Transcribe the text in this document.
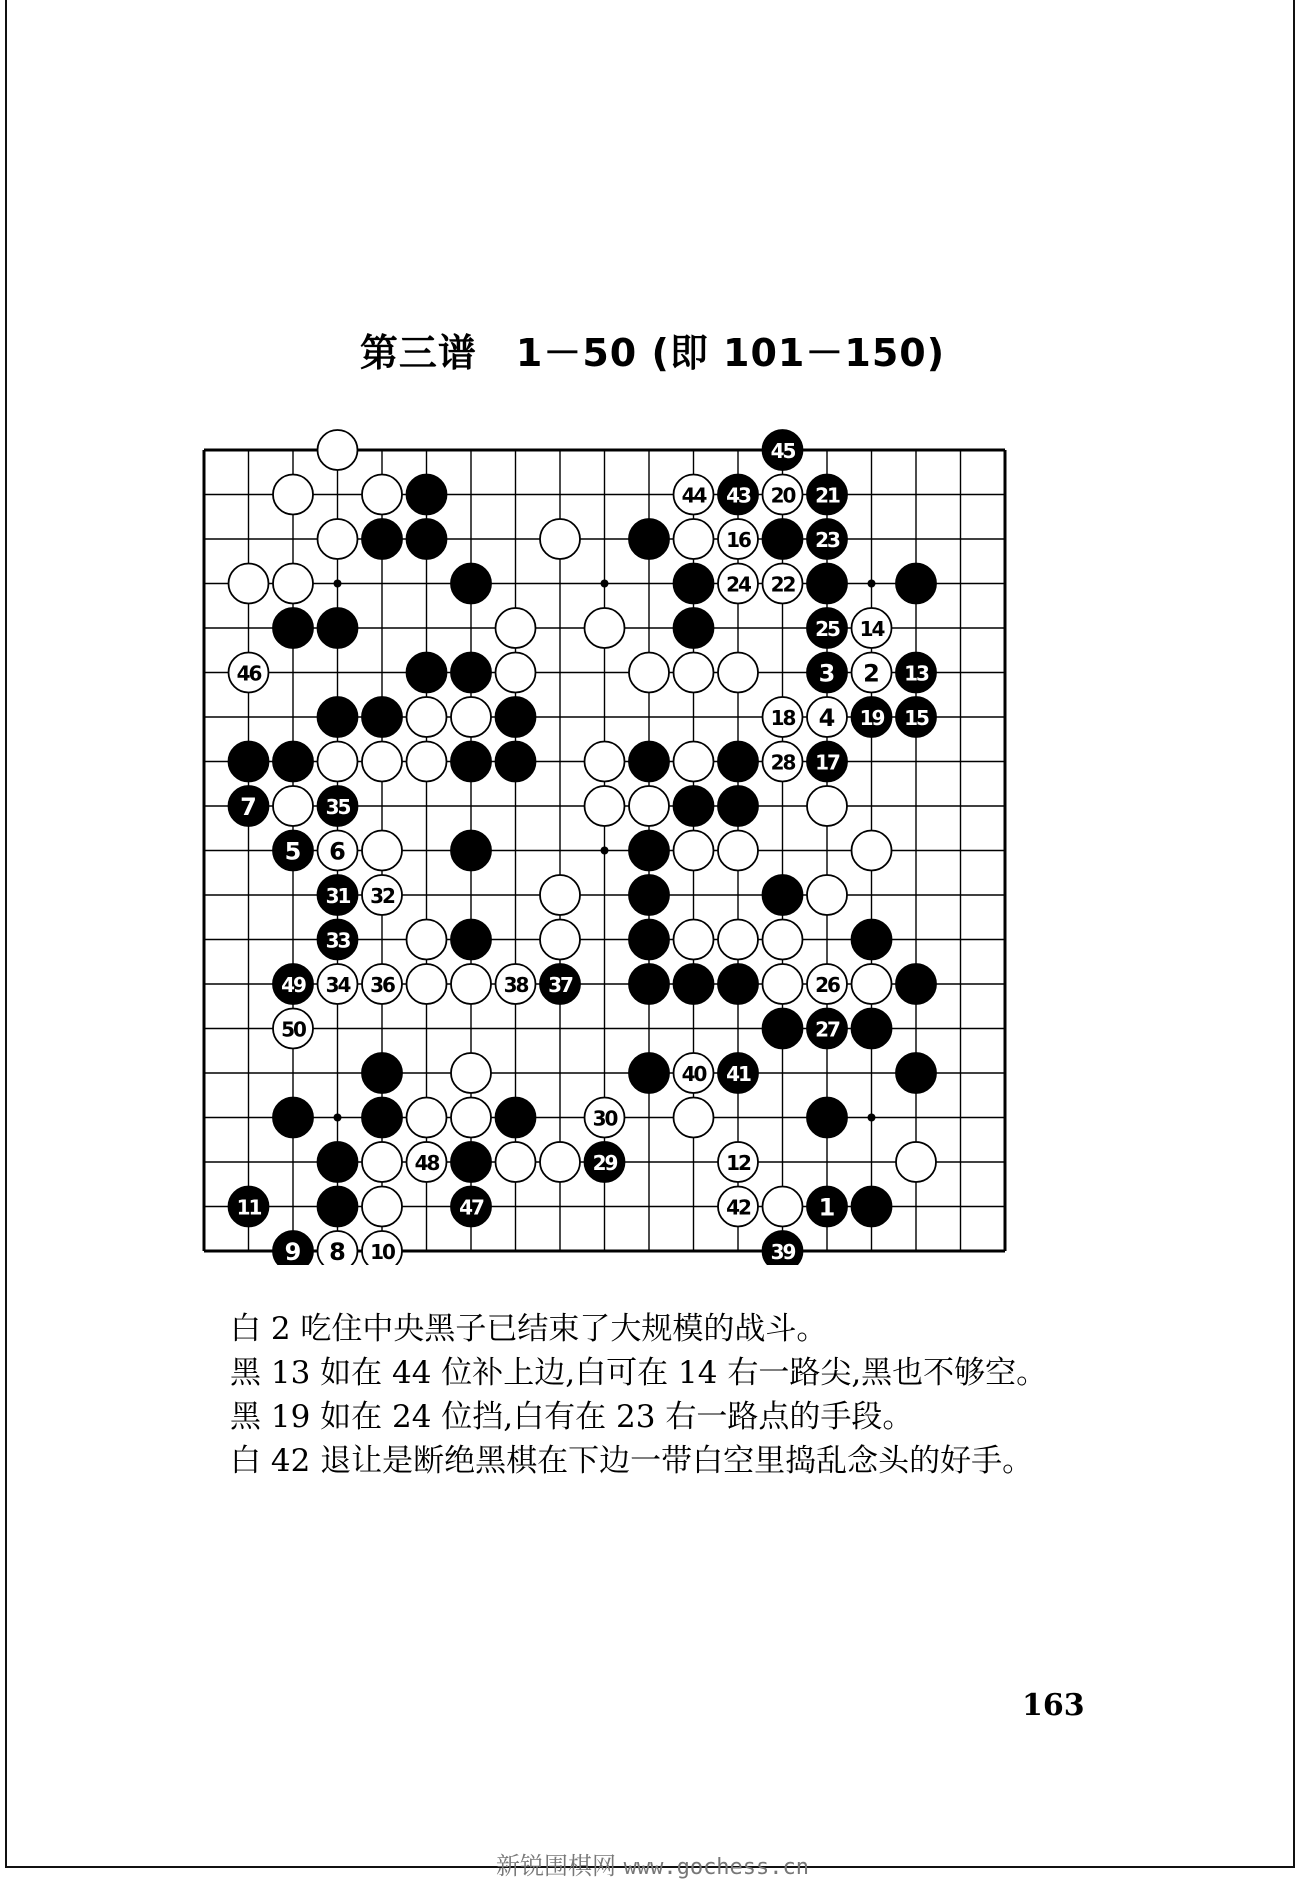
第三谱　1－50 (即 101－150)
1
2
3
4
5 6
7
8
9	10
11
12
13
14
15
16
17
18	19
20 21
22
23
24
25
26
27
28
29
30
31 32
33
34
35
36	37
38
39
40 41
42
43
44
45
46
47
48
49
50

白 2 吃住中央黑子已结束了大规模的战斗。

黑 13 如在 44 位补上边,白可在 14 右一路尖,黑也不够空。

黑 19 如在 24 位挡,白有在 23 右一路点的手段。

白 42 退让是断绝黑棋在下边一带白空里捣乱念头的好手。

163
新锐围棋网 www.gochess.cn
